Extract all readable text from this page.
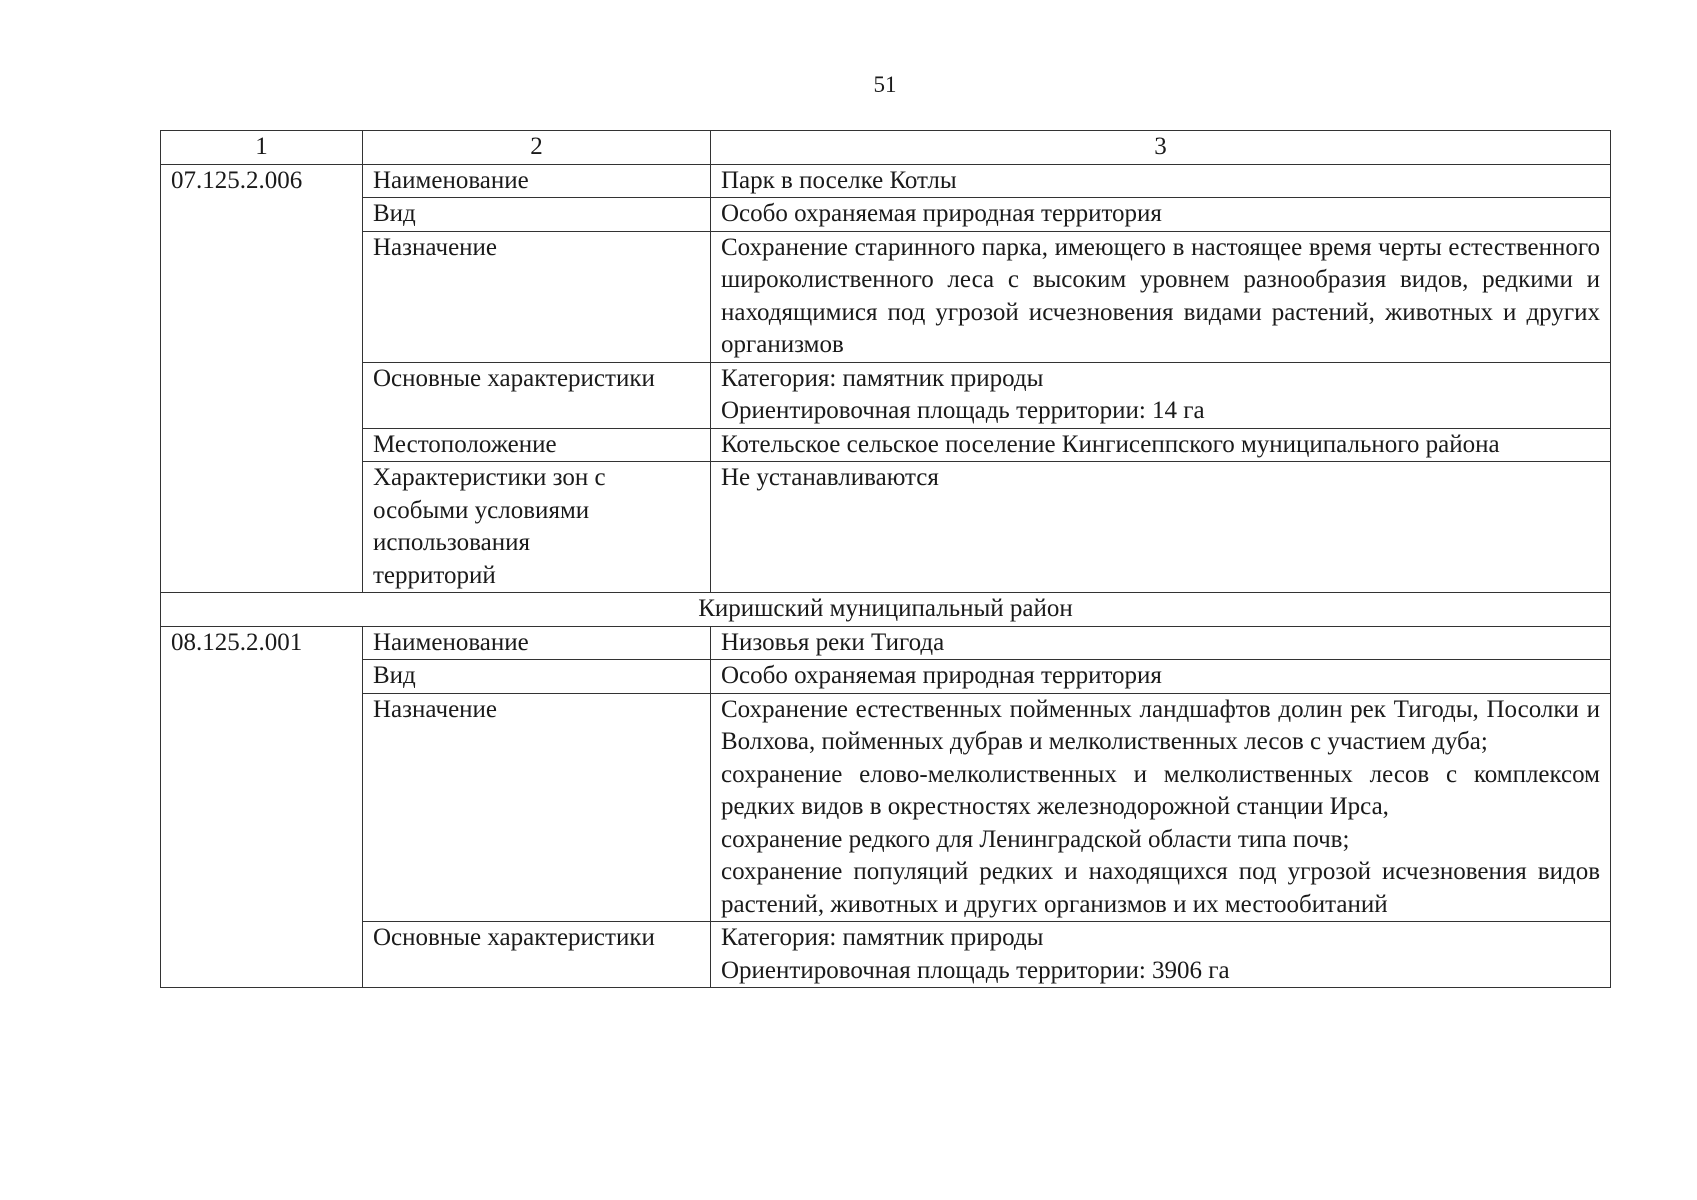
51
1	2	3
07.125.2.006	Наименование	Парк в поселке Котлы
	Вид	Особо охраняемая природная территория
	Назначение	Сохранение старинного парка, имеющего в настоящее время черты естественного широколиственного леса с высоким уровнем разнообразия видов, редкими и находящимися под угрозой исчезновения видами растений, животных и других организмов
	Основные характеристики	Категория: памятник природы
Ориентировочная площадь территории: 14 га

	Местоположение	Котельское сельское поселение Кингисеппского муниципального района
	Характеристики зон с особыми условиями использования территорий	Не устанавливаются
Киришский муниципальный район		
08.125.2.001	Наименование	Низовья реки Тигода
	Вид	Особо охраняемая природная территория
	Назначение	Сохранение естественных пойменных ландшафтов долин рек Тигоды, Посолки и Волхова, пойменных дубрав и мелколиственных лесов с участием дуба;
сохранение елово-мелколиственных и мелколиственных лесов с комплексом редких видов в окрестностях железнодорожной станции Ирса,
сохранение редкого для Ленинградской области типа почв;
сохранение популяций редких и находящихся под угрозой исчезновения видов растений, животных и других организмов и их местообитаний

	Основные характеристики	Категория: памятник природы
Ориентировочная площадь территории: 3906 га
